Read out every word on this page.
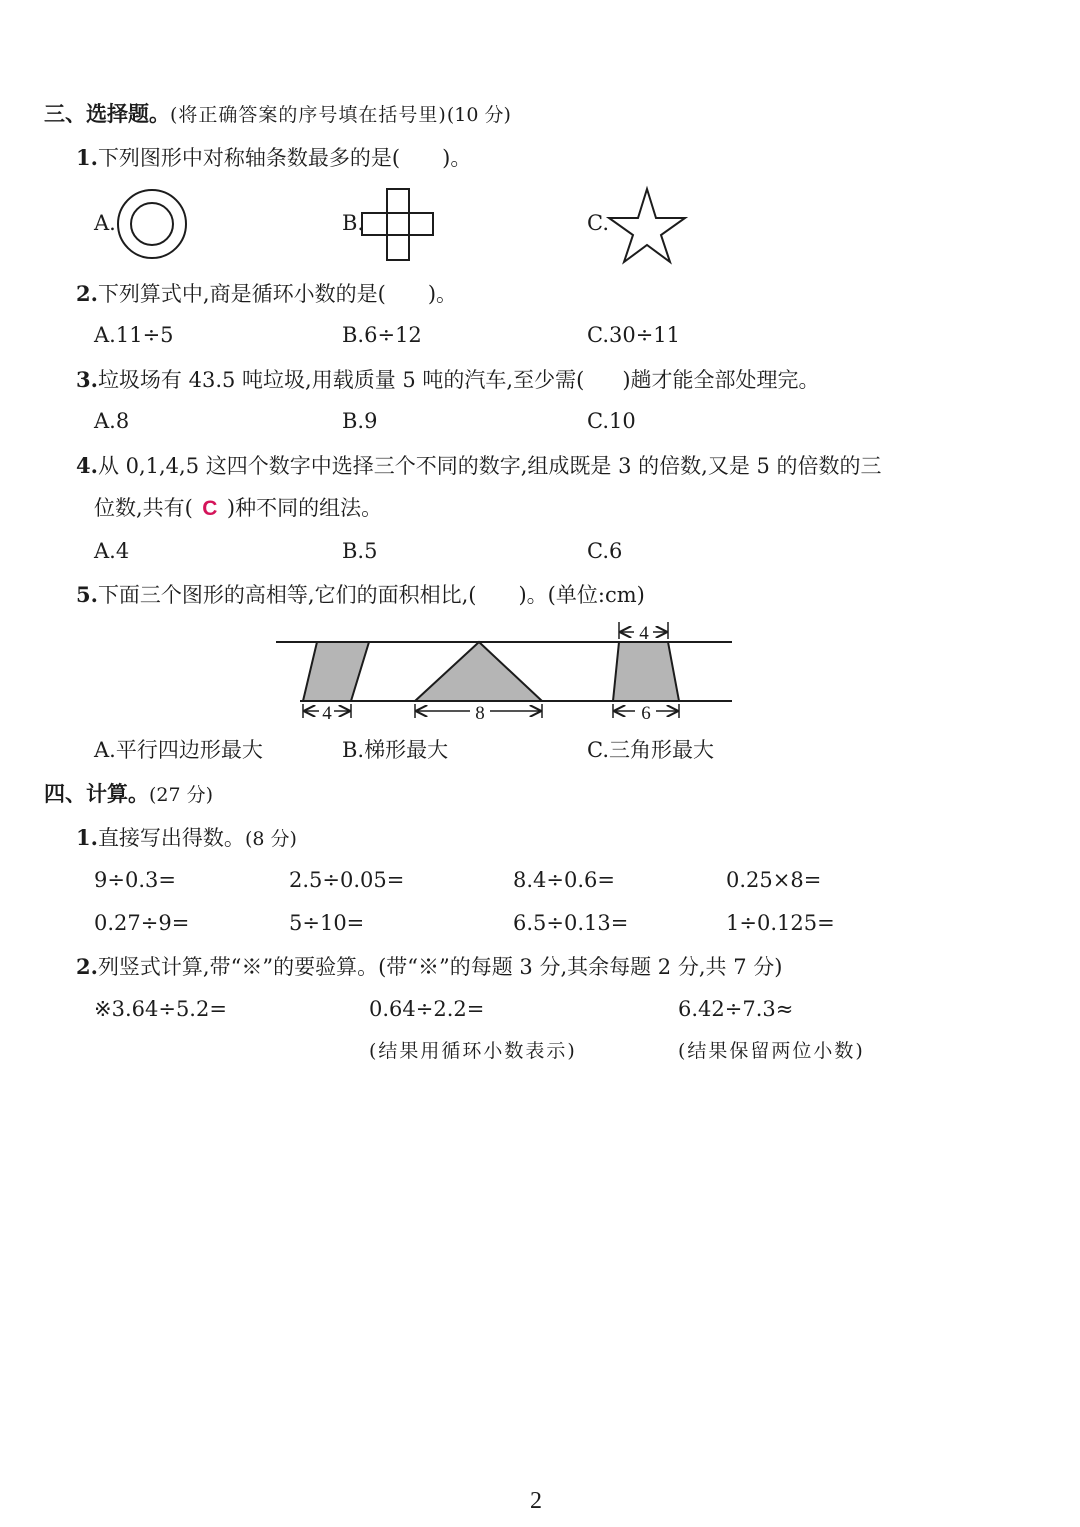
三、选择题。(将正确答案的序号填在括号里)(10 分)
1.下列图形中对称轴条数最多的是( )。
A.	B.	C.
2.下列算式中,商是循环小数的是( )。
A.11÷5	B.6÷12	C.30÷11
3.垃圾场有 43.5 吨垃圾,用载质量 5 吨的汽车,至少需( )趟才能全部处理完。
A.8	B.9	C.10
4.从 0,1,4,5 这四个数字中选择三个不同的数字,组成既是 3 的倍数,又是 5 的倍数的三
位数,共有( C )种不同的组法。
A.4	B.5	C.6
5.下面三个图形的高相等,它们的面积相比,( )。(单位:cm)
4	8
4
6
A.平行四边形最大	B.梯形最大	C.三角形最大
四、计算。(27 分)
1.直接写出得数。(8 分)
9÷0.3=	2.5÷0.05=	8.4÷0.6=	0.25×8=
0.27÷9=	5÷10=	6.5÷0.13=	1÷0.125=
2.列竖式计算,带“※”的要验算。(带“※”的每题 3 分,其余每题 2 分,共 7 分)
※3.64÷5.2=	0.64÷2.2=	6.42÷7.3≈
(结果用循环小数表示)	(结果保留两位小数)
2
